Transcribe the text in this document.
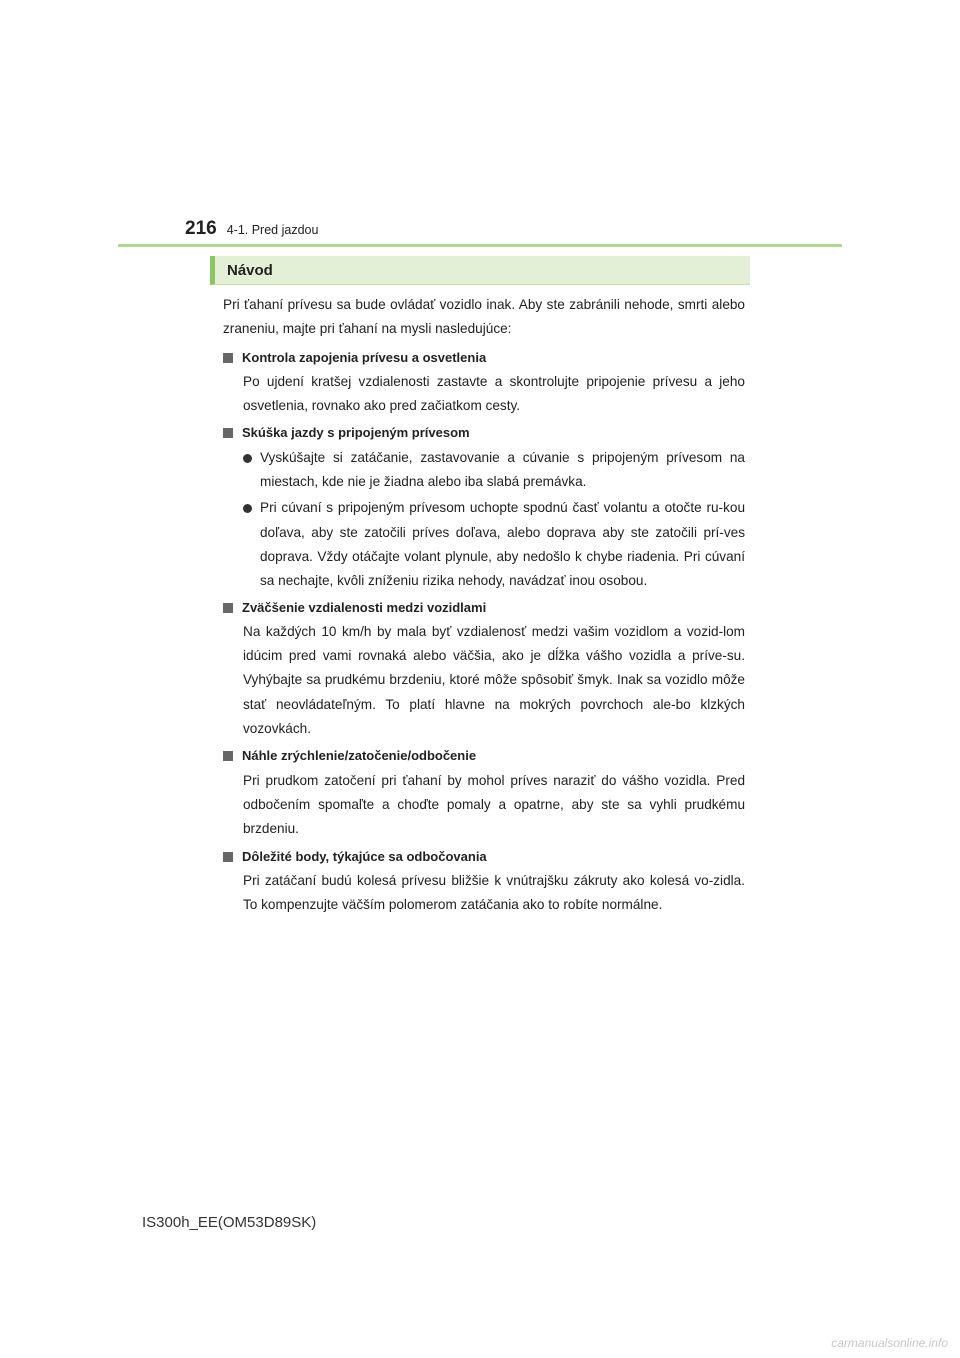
216 4-1. Pred jazdou
Návod

Pri ťahaní prívesu sa bude ovládať vozidlo inak. Aby ste zabránili nehode, smrti alebo zraneniu, majte pri ťahaní na mysli nasledujúce:

Kontrola zapojenia prívesu a osvetlenia

Po ujdení kratšej vzdialenosti zastavte a skontrolujte pripojenie prívesu a jeho osvetlenia, rovnako ako pred začiatkom cesty.

Skúška jazdy s pripojeným prívesom

Vyskúšajte si zatáčanie, zastavovanie a cúvanie s pripojeným prívesom na miestach, kde nie je žiadna alebo iba slabá premávka.

Pri cúvaní s pripojeným prívesom uchopte spodnú časť volantu a otočte ru-kou doľava, aby ste zatočili príves doľava, alebo doprava aby ste zatočili prí-ves doprava. Vždy otáčajte volant plynule, aby nedošlo k chybe riadenia. Pri cúvaní sa nechajte, kvôli zníženiu rizika nehody, navádzať inou osobou.

Zväčšenie vzdialenosti medzi vozidlami

Na každých 10 km/h by mala byť vzdialenosť medzi vašim vozidlom a vozid-lom idúcim pred vami rovnaká alebo väčšia, ako je dĺžka vášho vozidla a príve-su. Vyhýbajte sa prudkému brzdeniu, ktoré môže spôsobiť šmyk. Inak sa vozidlo môže stať neovládateľným. To platí hlavne na mokrých povrchoch ale-bo klzkých vozovkách.

Náhle zrýchlenie/zatočenie/odbočenie

Pri prudkom zatočení pri ťahaní by mohol príves naraziť do vášho vozidla. Pred odbočením spomaľte a choďte pomaly a opatrne, aby ste sa vyhli prudkému brzdeniu.

Dôležité body, týkajúce sa odbočovania

Pri zatáčaní budú kolesá prívesu bližšie k vnútrajšku zákruty ako kolesá vo-zidla. To kompenzujte väčším polomerom zatáčania ako to robíte normálne.

IS300h_EE(OM53D89SK)
carmanualsonline.info
